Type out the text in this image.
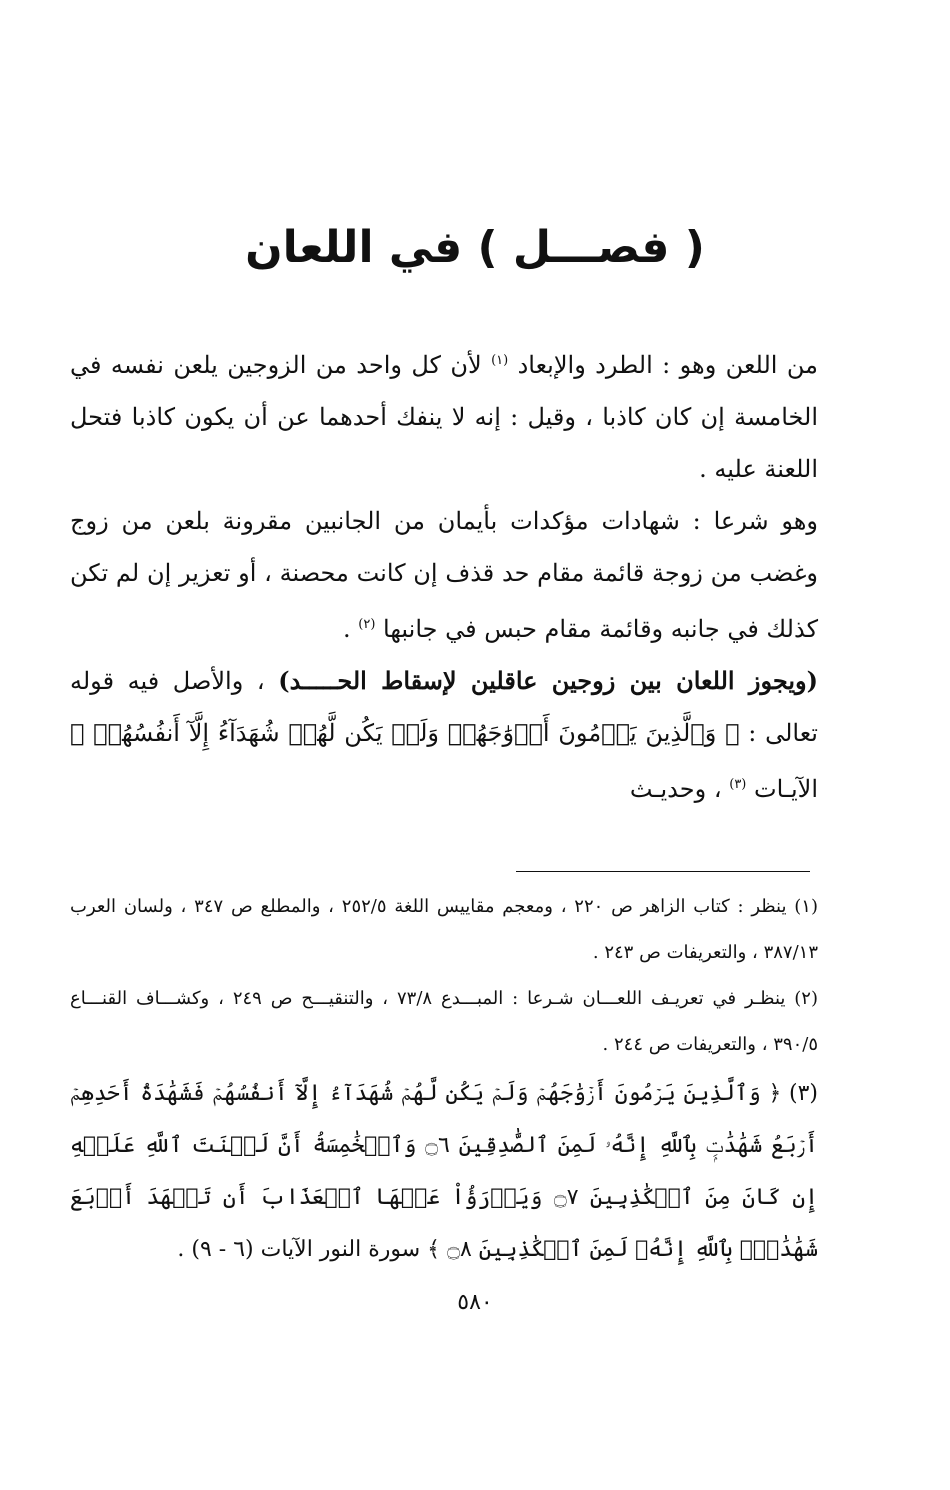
( فصـــل ) في اللعان

من اللعن وهو : الطرد والإبعاد $^{(١)}$ لأن كل واحد من الزوجين يلعن نفسه في الخامسة إن كان كاذبا ، وقيل : إنه لا ينفك أحدهما عن أن يكون كاذبا فتحل اللعنة عليه .

وهو شرعا : شهادات مؤكدات بأيمان من الجانبين مقرونة بلعن من زوج وغضب من زوجة قائمة مقام حد قذف إن كانت محصنة ، أو تعزير إن لم تكن كذلك في جانبه وقائمة مقام حبس في جانبها $^{(٢)}$ .

(ويجوز اللعان بين زوجين عاقلين لإسقاط الحـــــد) ، والأصل فيه قوله تعالى : ﴿ وَٱلَّذِينَ يَرۡمُونَ أَزۡوَٰجَهُمۡ وَلَمۡ يَكُن لَّهُمۡ شُهَدَآءُ إِلَّآ أَنفُسُهُمۡ ﴾ الآيـات $^{(٣)}$ ، وحديـث

(١) ينظر : كتاب الزاهر ص ٢٢٠ ، ومعجم مقاييس اللغة ٢٥٢/٥ ، والمطلع ص ٣٤٧ ، ولسان العرب ٣٨٧/١٣ ، والتعريفات ص ٢٤٣ .

(٢) ينظـر في تعريـف اللعـــان شـرعا : المبـــدع ٧٣/٨ ، والتنقيـــح ص ٢٤٩ ، وكشـــاف القنـــاع ٣٩٠/٥ ، والتعريفات ص ٢٤٤ .

(٣) ﴿ وَٱلَّذِينَ يَرۡمُونَ أَزۡوَٰجَهُمۡ وَلَمۡ يَكُن لَّهُمۡ شُهَدَآءُ إِلَّآ أَنفُسُهُمۡ فَشَهَٰدَةُ أَحَدِهِمۡ أَرۡبَعُ شَهَٰدَٰتِۭ بِٱللَّهِ إِنَّهُۥ لَمِنَ ٱلصَّٰدِقِينَ ۝٦ وَٱلۡخَٰمِسَةُ أَنَّ لَعۡنَتَ ٱللَّهِ عَلَيۡهِ إِن كَانَ مِنَ ٱلۡكَٰذِبِينَ ۝٧ وَيَدۡرَؤُاْ عَنۡهَا ٱلۡعَذَابَ أَن تَشۡهَدَ أَرۡبَعَ شَهَٰدَٰتِۭ بِٱللَّهِ إِنَّهُۥ لَمِنَ ٱلۡكَٰذِبِينَ ۝٨ ﴾ سورة النور الآيات (٦ - ٩) .

٥٨٠
